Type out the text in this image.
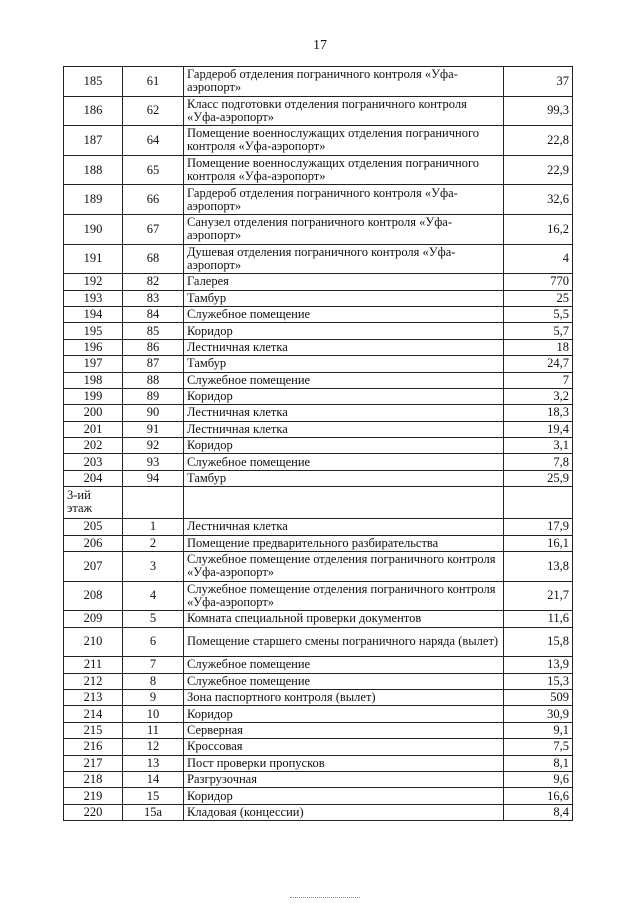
17
185	61	Гардероб отделения пограничного контроля «Уфа-аэропорт»	37
186	62	Класс подготовки отделения пограничного контроля «Уфа-аэропорт»	99,3
187	64	Помещение военнослужащих отделения пограничного контроля «Уфа-аэропорт»	22,8
188	65	Помещение военнослужащих отделения пограничного контроля «Уфа-аэропорт»	22,9
189	66	Гардероб отделения пограничного контроля «Уфа-аэропорт»	32,6
190	67	Санузел отделения пограничного контроля «Уфа-аэропорт»	16,2
191	68	Душевая отделения пограничного контроля «Уфа-аэропорт»	4
192	82	Галерея	770
193	83	Тамбур	25
194	84	Служебное помещение	5,5
195	85	Коридор	5,7
196	86	Лестничная клетка	18
197	87	Тамбур	24,7
198	88	Служебное помещение	7
199	89	Коридор	3,2
200	90	Лестничная клетка	18,3
201	91	Лестничная клетка	19,4
202	92	Коридор	3,1
203	93	Служебное помещение	7,8
204	94	Тамбур	25,9
3-ий этаж			
205	1	Лестничная клетка	17,9
206	2	Помещение предварительного разбирательства	16,1
207	3	Служебное помещение отделения пограничного контроля «Уфа-аэропорт»	13,8
208	4	Служебное помещение отделения пограничного контроля «Уфа-аэропорт»	21,7
209	5	Комната специальной проверки документов	11,6
210	6	Помещение старшего смены пограничного наряда (вылет)	15,8
211	7	Служебное помещение	13,9
212	8	Служебное помещение	15,3
213	9	Зона паспортного контроля (вылет)	509
214	10	Коридор	30,9
215	11	Серверная	9,1
216	12	Кроссовая	7,5
217	13	Пост проверки пропусков	8,1
218	14	Разгрузочная	9,6
219	15	Коридор	16,6
220	15а	Кладовая (концессии)	8,4
